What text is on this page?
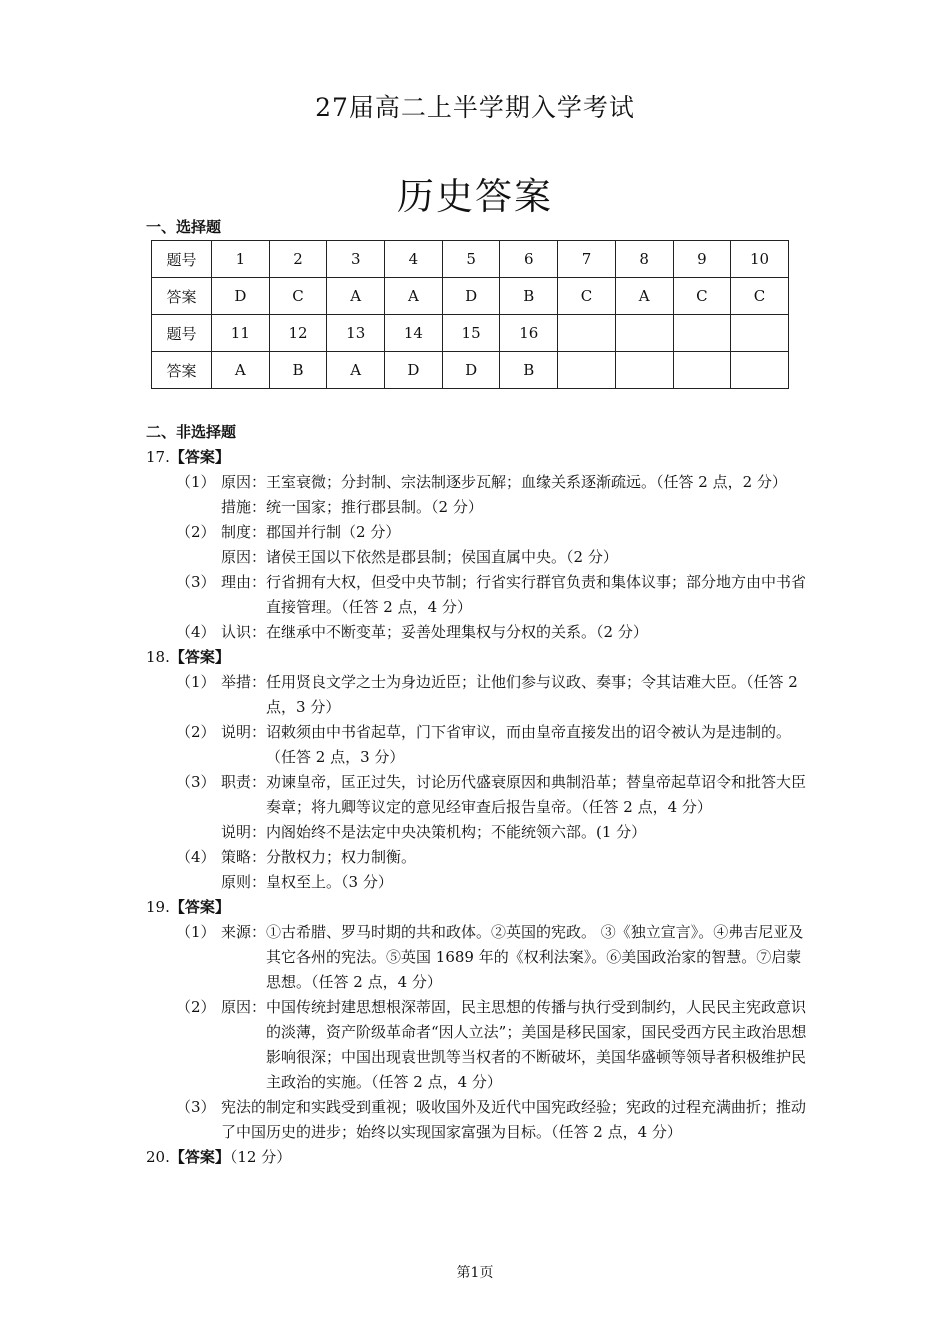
27届高二上半学期入学考试
历史答案
一、选择题
题号	1	2	3	4	5	6	7	8	9	10
答案	D	C	A	A	D	B	C	A	C	C
题号	11	12	13	14	15	16				
答案	A	B	A	D	D	B				
二、非选择题
17.【答案】
（1） 原因： 王室衰微；分封制、宗法制逐步瓦解；血缘关系逐渐疏远。（任答 2 点，2 分）
措施： 统一国家；推行郡县制。（2 分）
（2） 制度： 郡国并行制（2 分）
原因： 诸侯王国以下依然是郡县制；侯国直属中央。（2 分）
（3） 理由： 行省拥有大权，但受中央节制；行省实行群官负责和集体议事；部分地方由中书省直接管理。（任答 2 点，4 分）
（4） 认识： 在继承中不断变革；妥善处理集权与分权的关系。（2 分）
18.【答案】
（1） 举措： 任用贤良文学之士为身边近臣；让他们参与议政、奏事；令其诘难大臣。（任答 2 点，3 分）
（2） 说明： 诏敕须由中书省起草，门下省审议，而由皇帝直接发出的诏令被认为是违制的。（任答 2 点，3 分）
（3） 职责： 劝谏皇帝，匡正过失，讨论历代盛衰原因和典制沿革；替皇帝起草诏令和批答大臣奏章；将九卿等议定的意见经审查后报告皇帝。（任答 2 点，4 分）
说明： 内阁始终不是法定中央决策机构；不能统领六部。(1 分）
（4） 策略： 分散权力；权力制衡。
原则： 皇权至上。（3 分）
19.【答案】
（1） 来源： ①古希腊、罗马时期的共和政体。②英国的宪政。 ③《独立宣言》。④弗吉尼亚及其它各州的宪法。⑤英国 1689 年的《权利法案》。⑥美国政治家的智慧。⑦启蒙思想。（任答 2 点，4 分）
（2） 原因： 中国传统封建思想根深蒂固，民主思想的传播与执行受到制约，人民民主宪政意识的淡薄，资产阶级革命者“因人立法”；美国是移民国家，国民受西方民主政治思想影响很深；中国出现袁世凯等当权者的不断破坏，美国华盛顿等领导者积极维护民主政治的实施。（任答 2 点，4 分）
（3） 宪法的制定和实践受到重视；吸收国外及近代中国宪政经验；宪政的过程充满曲折；推动了中国历史的进步；始终以实现国家富强为目标。（任答 2 点，4 分）
20.【答案】（12 分）
第1页
